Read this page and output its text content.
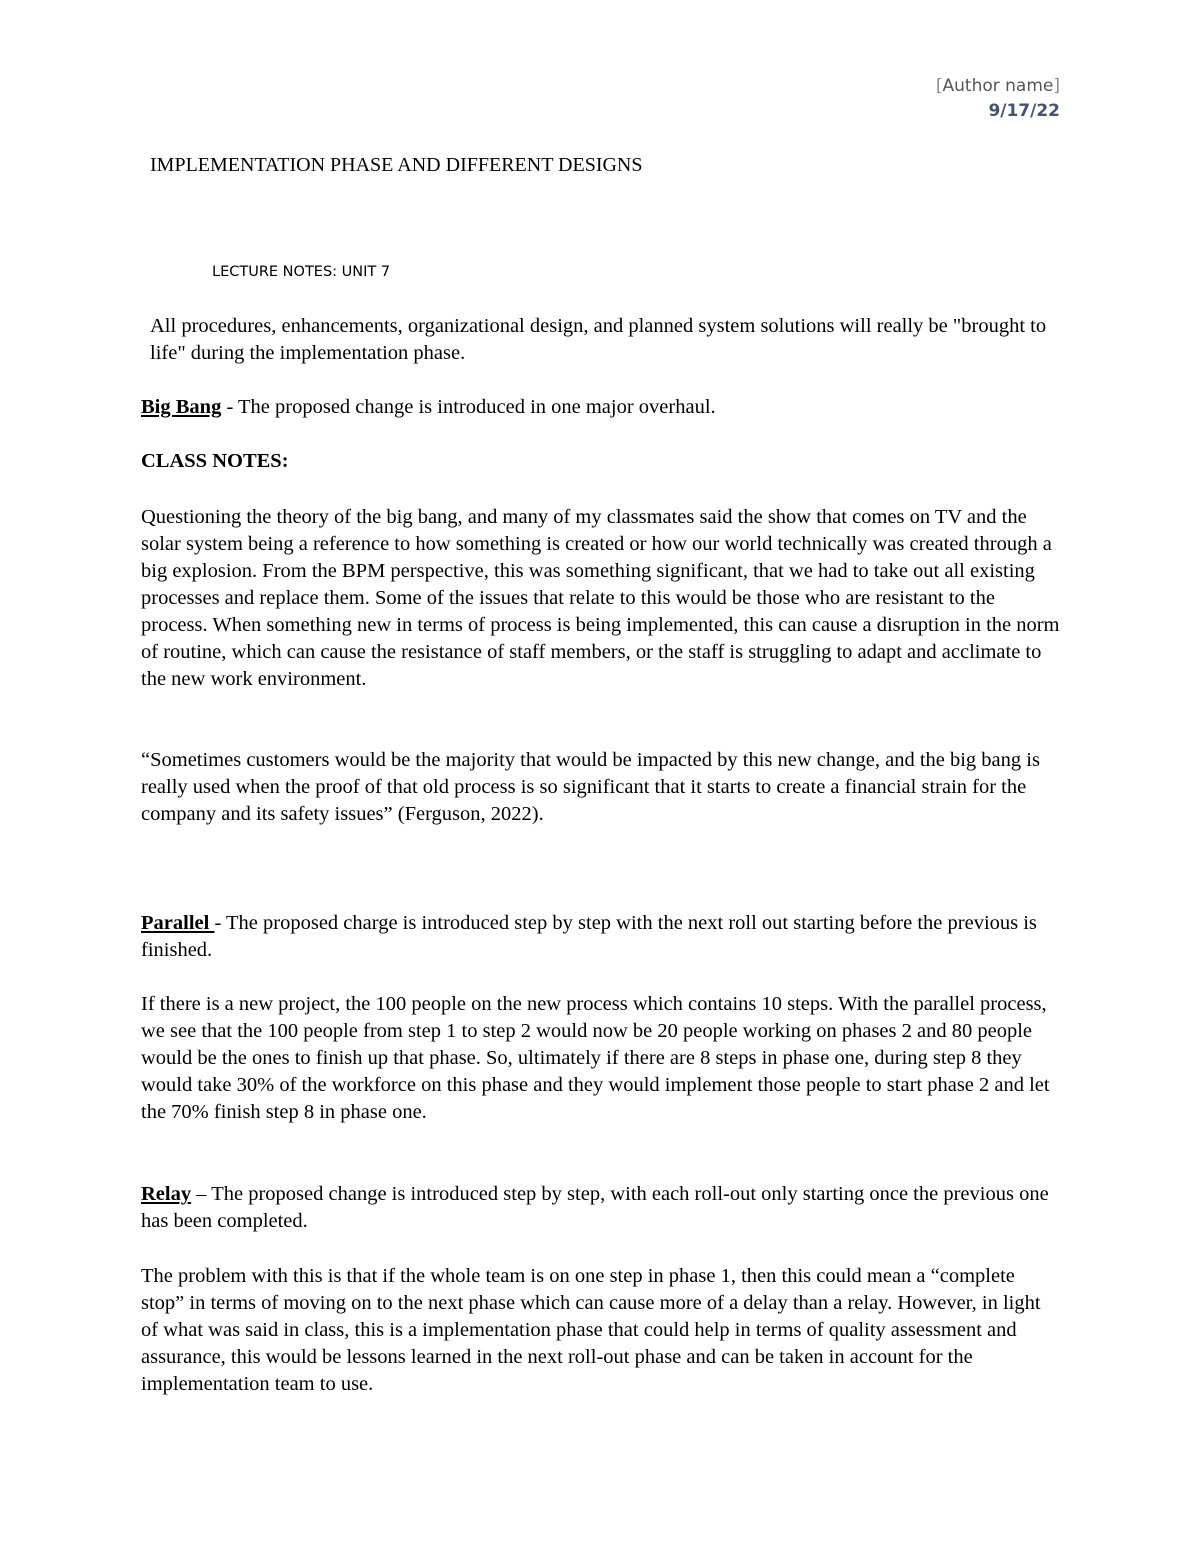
[Author name]
9/17/22
IMPLEMENTATION PHASE AND DIFFERENT DESIGNS
LECTURE NOTES: UNIT 7

All procedures, enhancements, organizational design, and planned system solutions will really be "brought to life" during the implementation phase.

Big Bang - The proposed change is introduced in one major overhaul.

CLASS NOTES:

Questioning the theory of the big bang, and many of my classmates said the show that comes on TV and the solar system being a reference to how something is created or how our world technically was created through a big explosion. From the BPM perspective, this was something significant, that we had to take out all existing processes and replace them. Some of the issues that relate to this would be those who are resistant to the process. When something new in terms of process is being implemented, this can cause a disruption in the norm of routine, which can cause the resistance of staff members, or the staff is struggling to adapt and acclimate to the new work environment.

“Sometimes customers would be the majority that would be impacted by this new change, and the big bang is really used when the proof of that old process is so significant that it starts to create a financial strain for the company and its safety issues” (Ferguson, 2022).

Parallel - The proposed charge is introduced step by step with the next roll out starting before the previous is finished.

If there is a new project, the 100 people on the new process which contains 10 steps. With the parallel process, we see that the 100 people from step 1 to step 2 would now be 20 people working on phases 2 and 80 people would be the ones to finish up that phase. So, ultimately if there are 8 steps in phase one, during step 8 they would take 30% of the workforce on this phase and they would implement those people to start phase 2 and let the 70% finish step 8 in phase one.

Relay – The proposed change is introduced step by step, with each roll-out only starting once the previous one has been completed.

The problem with this is that if the whole team is on one step in phase 1, then this could mean a “complete stop” in terms of moving on to the next phase which can cause more of a delay than a relay. However, in light of what was said in class, this is a implementation phase that could help in terms of quality assessment and assurance, this would be lessons learned in the next roll-out phase and can be taken in account for the implementation team to use.
